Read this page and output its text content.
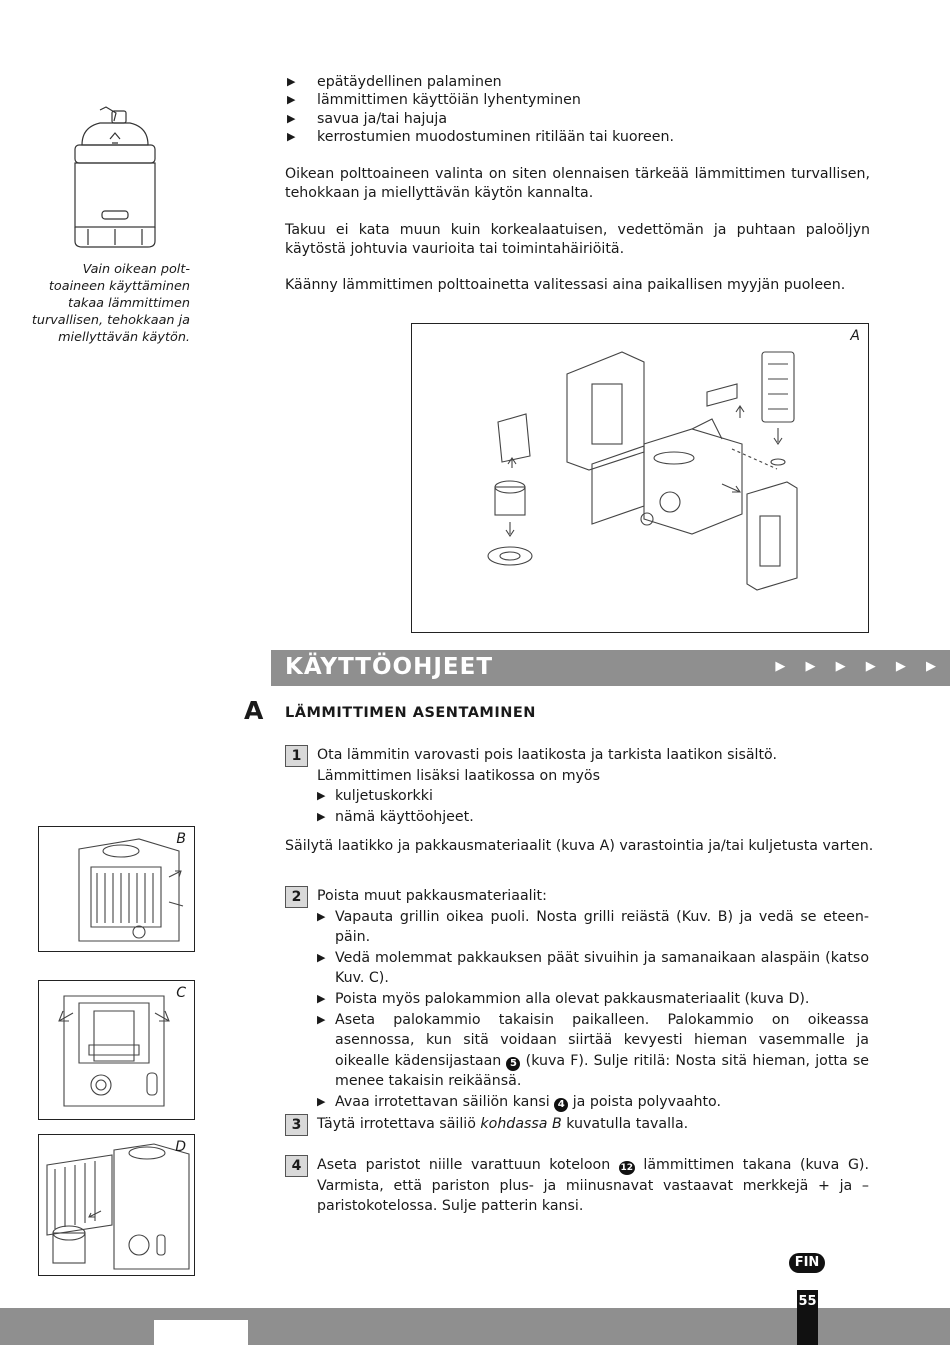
Vain oikean polt-
toaineen käyttäminen
takaa lämmittimen
turvallisen, tehokkaan ja
miellyttävän käytön.
▶ epätäydellinen palaminen
▶ lämmittimen käyttöiän lyhentyminen
▶ savua ja/tai hajuja
▶ kerrostumien muodostuminen ritilään tai kuoreen.
Oikean polttoaineen valinta on siten olennaisen tärkeää lämmittimen turvallisen, tehokkaan ja miellyttävän käytön kannalta.
Takuu ei kata muun kuin korkealaatuisen, vedettömän ja puhtaan paloöljyn käytöstä johtuvia vaurioita tai toimintahäiriöitä.
Käänny lämmittimen polttoainetta valitessasi aina paikallisen myyjän puoleen.
A
KÄYTTÖOHJEET	▶ ▶ ▶ ▶ ▶ ▶
A LÄMMITTIMEN ASENTAMINEN
1	Ota lämmitin varovasti pois laatikosta ja tarkista laatikon sisältö.
Lämmittimen lisäksi laatikossa on myös
▶ kuljetuskorkki
▶ nämä käyttöohjeet.
Säilytä laatikko ja pakkausmateriaalit (kuva A) varastointia ja/tai kuljetusta varten.
B
2	Poista muut pakkausmateriaalit:
▶ Vapauta grillin oikea puoli. Nosta grilli reiästä (Kuv. B) ja vedä se eteenpäin.
▶ Vedä molemmat pakkauksen päät sivuihin ja samanaikaan alaspäin (katso Kuv. C).
▶ Poista myös palokammion alla olevat pakkausmateriaalit (kuva D).
▶ Aseta palokammio takaisin paikalleen. Palokammio on oikeassa asennossa, kun sitä voidaan siirtää kevyesti hieman vasemmalle ja oikealle kädensijastaan 5 (kuva F). Sulje ritilä: Nosta sitä hieman, jotta se menee takaisin reikäänsä.
▶ Avaa irrotettavan säiliön kansi 4 ja poista polyvaahto.
C
3	Täytä irrotettava säiliö kohdassa B kuvatulla tavalla.
D
4	Aseta paristot niille varattuun koteloon 12 lämmittimen takana (kuva G). Varmista, että pariston plus- ja miinusnavat vastaavat merkkejä + ja – paristokotelossa. Sulje patterin kansi.
FIN
55
